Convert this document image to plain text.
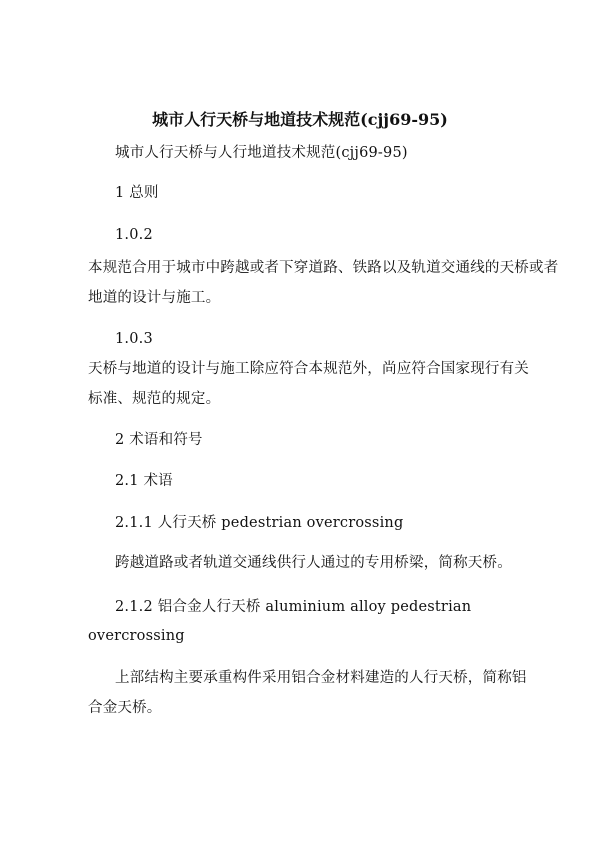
城市人行天桥与地道技术规范(cjj69-95)
城市人行天桥与人行地道技术规范(cjj69-95)
1 总则
1.0.2
本规范合用于城市中跨越或者下穿道路、铁路以及轨道交通线的天桥或者
地道的设计与施工。
1.0.3
天桥与地道的设计与施工除应符合本规范外，尚应符合国家现行有关
标准、规范的规定。
2 术语和符号
2.1 术语
2.1.1 人行天桥 pedestrian overcrossing
跨越道路或者轨道交通线供行人通过的专用桥梁，简称天桥。
2.1.2 铝合金人行天桥 aluminium alloy pedestrian
overcrossing
上部结构主要承重构件采用铝合金材料建造的人行天桥，简称铝
合金天桥。
